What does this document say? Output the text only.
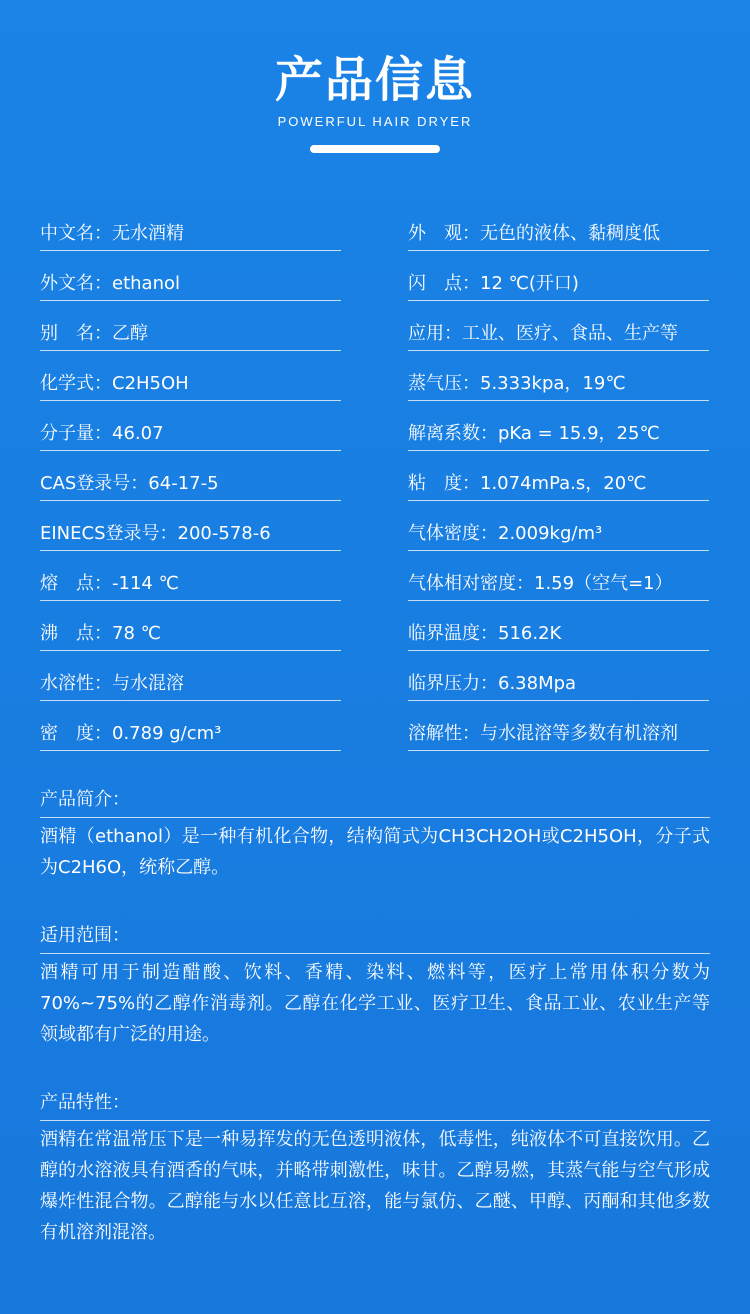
产品信息
POWERFUL HAIR DRYER
中文名：无水酒精
外文名：ethanol
别　名：乙醇
化学式：C2H5OH
分子量：46.07
CAS登录号：64-17-5
EINECS登录号：200-578-6
熔　点：-114 ℃
沸　点：78 ℃
水溶性：与水混溶
密　度：0.789 g/cm³
外　观：无色的液体、黏稠度低
闪　点：12 ℃(开口)
应用：工业、医疗、食品、生产等
蒸气压：5.333kpa，19℃
解离系数：pKa = 15.9，25℃
粘　度：1.074mPa.s，20℃
气体密度：2.009kg/m³
气体相对密度：1.59（空气=1）
临界温度：516.2K
临界压力：6.38Mpa
溶解性：与水混溶等多数有机溶剂
产品简介：
酒精（ethanol）是一种有机化合物，结构简式为CH3CH2OH或C2H5OH，分子式为C2H6O，统称乙醇。
适用范围：
酒精可用于制造醋酸、饮料、香精、染料、燃料等，医疗上常用体积分数为70%~75%的乙醇作消毒剂。乙醇在化学工业、医疗卫生、食品工业、农业生产等领域都有广泛的用途。
产品特性：
酒精在常温常压下是一种易挥发的无色透明液体，低毒性，纯液体不可直接饮用。乙醇的水溶液具有酒香的气味，并略带刺激性，味甘。乙醇易燃，其蒸气能与空气形成爆炸性混合物。乙醇能与水以任意比互溶，能与氯仿、乙醚、甲醇、丙酮和其他多数有机溶剂混溶。
